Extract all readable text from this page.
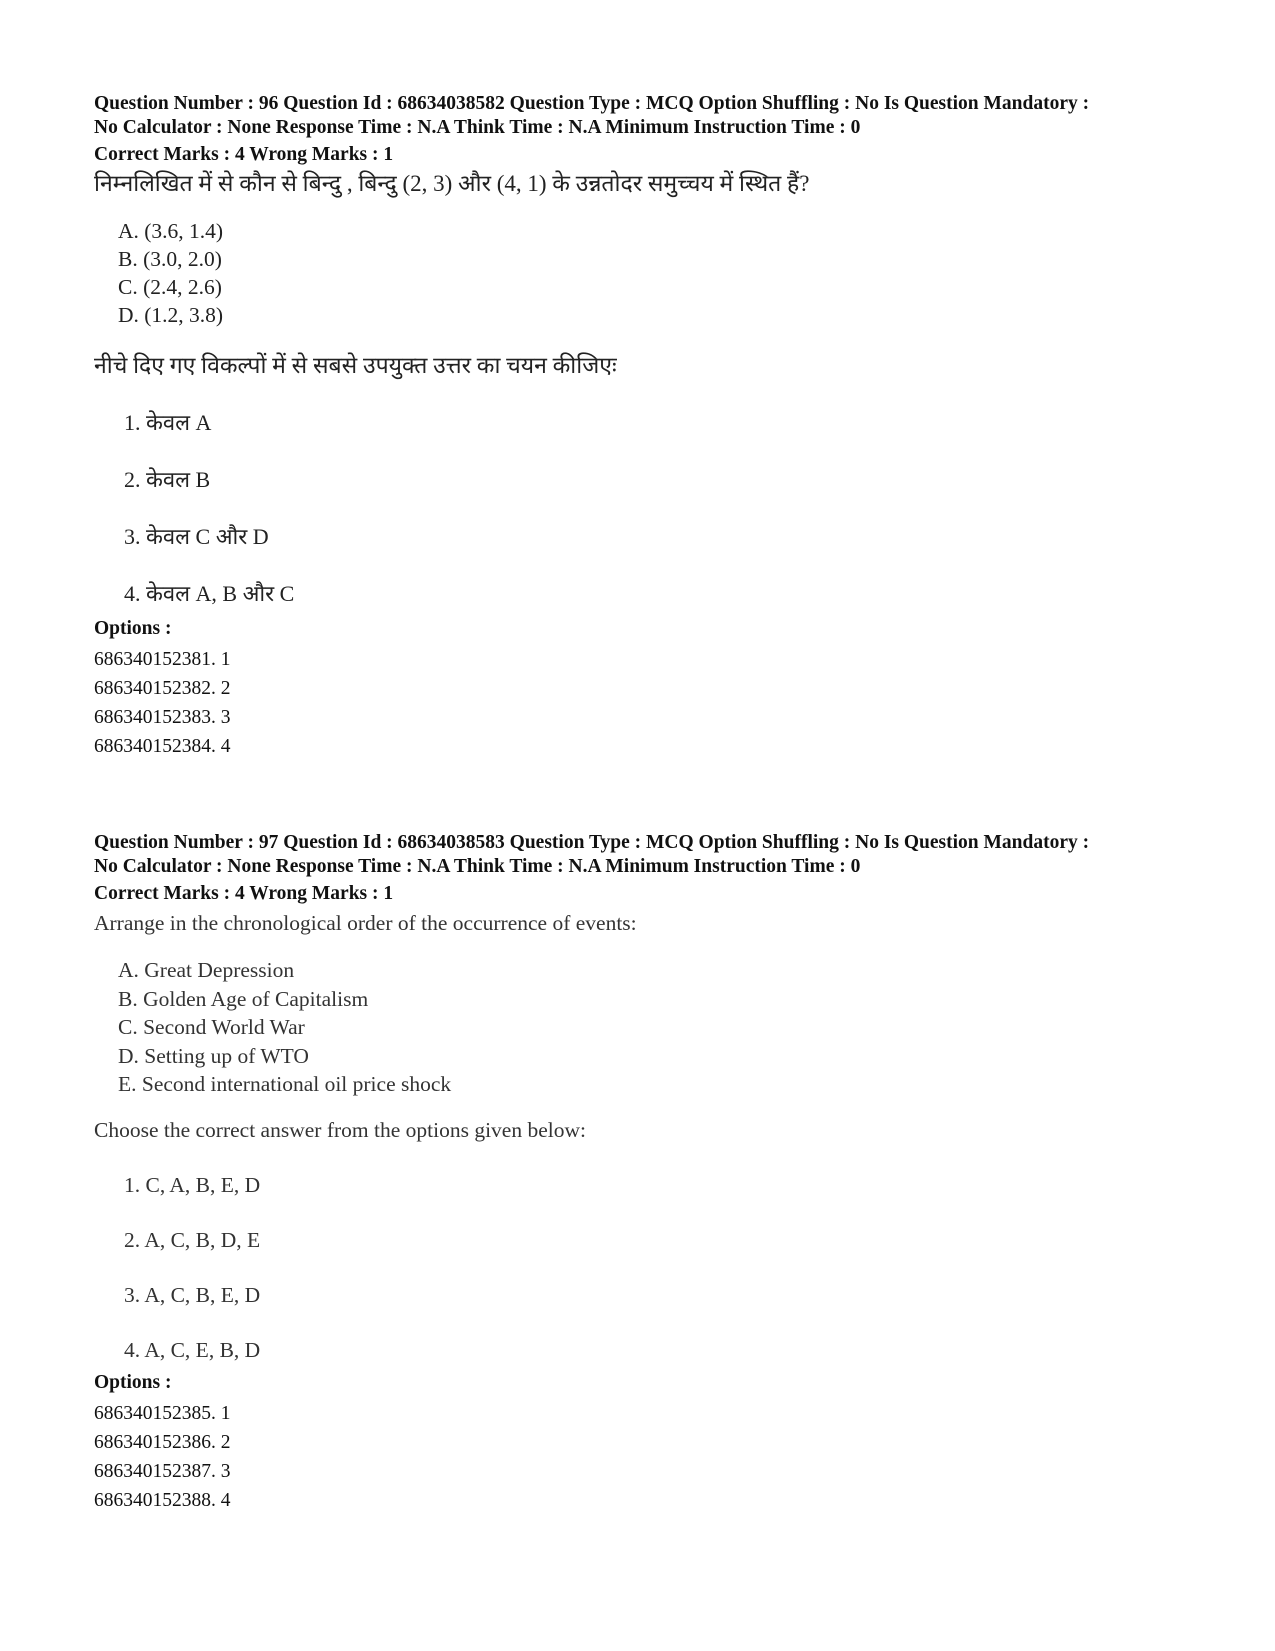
Question Number : 96 Question Id : 68634038582 Question Type : MCQ Option Shuffling : No Is Question Mandatory :

No Calculator : None Response Time : N.A Think Time : N.A Minimum Instruction Time : 0

Correct Marks : 4 Wrong Marks : 1

निम्नलिखित में से कौन से बिन्दु , बिन्दु (2, 3) और (4, 1) के उन्नतोदर समुच्चय में स्थित हैं?

A. (3.6, 1.4)
B. (3.0, 2.0)
C. (2.4, 2.6)
D. (1.2, 3.8)

नीचे दिए गए विकल्पों में से सबसे उपयुक्त उत्तर का चयन कीजिएः

1. केवल A
2. केवल B
3. केवल C और D
4. केवल A, B और C

Options :

686340152381. 1
686340152382. 2
686340152383. 3
686340152384. 4

Question Number : 97 Question Id : 68634038583 Question Type : MCQ Option Shuffling : No Is Question Mandatory :

No Calculator : None Response Time : N.A Think Time : N.A Minimum Instruction Time : 0

Correct Marks : 4 Wrong Marks : 1

Arrange in the chronological order of the occurrence of events:

A. Great Depression
B. Golden Age of Capitalism
C. Second World War
D. Setting up of WTO
E. Second international oil price shock

Choose the correct answer from the options given below:

1. C, A, B, E, D
2. A, C, B, D, E
3. A, C, B, E, D
4. A, C, E, B, D

Options :

686340152385. 1
686340152386. 2
686340152387. 3
686340152388. 4
